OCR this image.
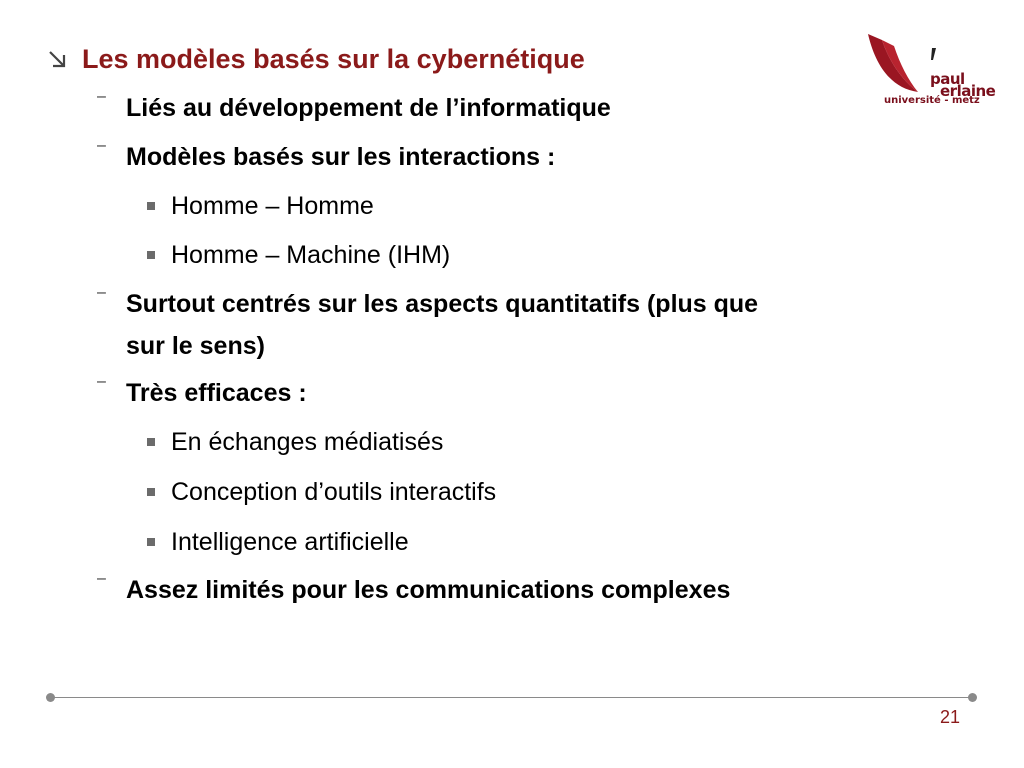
Les modèles basés sur la cybernétique
– Liés au développement de l’informatique
– Modèles basés sur les interactions :
Homme – Homme
Homme – Machine (IHM)
– Surtout centrés sur les aspects quantitatifs (plus que
sur le sens)
– Très efficaces :
En échanges médiatisés
Conception d’outils interactifs
Intelligence artificielle
– Assez limités pour les communications complexes
paul
erlaine
université - metz
21
